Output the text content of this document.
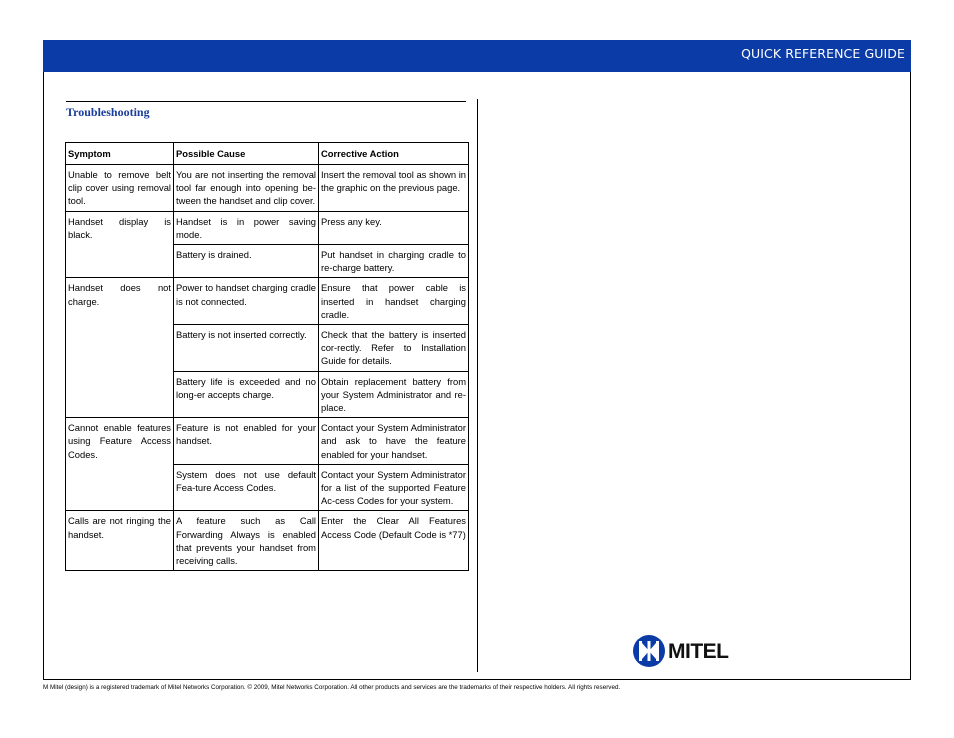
QUICK REFERENCE GUIDE
Troubleshooting
Symptom	Possible Cause	Corrective Action
Unable to remove belt clip cover using removal tool.	You are not inserting the removal tool far enough into opening be-tween the handset and clip cover.	Insert the removal tool as shown in the graphic on the previous page.
Handset display is black.	Handset is in power saving mode.	Press any key.
	Battery is drained.	Put handset in charging cradle to re-charge battery.
Handset does not charge.	Power to handset charging cradle is not connected.	Ensure that power cable is inserted in handset charging cradle.
	Battery is not inserted correctly.	Check that the battery is inserted cor-rectly. Refer to Installation Guide for details.
	Battery life is exceeded and no long-er accepts charge.	Obtain replacement battery from your System Administrator and re-place.
Cannot enable features using Feature Access Codes.	Feature is not enabled for your handset.	Contact your System Administrator and ask to have the feature enabled for your handset.
	System does not use default Fea-ture Access Codes.	Contact your System Administrator for a list of the supported Feature Ac-cess Codes for your system.
Calls are not ringing the handset.	A feature such as Call Forwarding Always is enabled that prevents your handset from receiving calls.	Enter the Clear All Features Access Code (Default Code is *77)
MITEL
M Mitel (design) is a registered trademark of Mitel Networks Corporation. © 2009, Mitel Networks Corporation. All other products and services are the trademarks of their respective holders. All rights reserved.
